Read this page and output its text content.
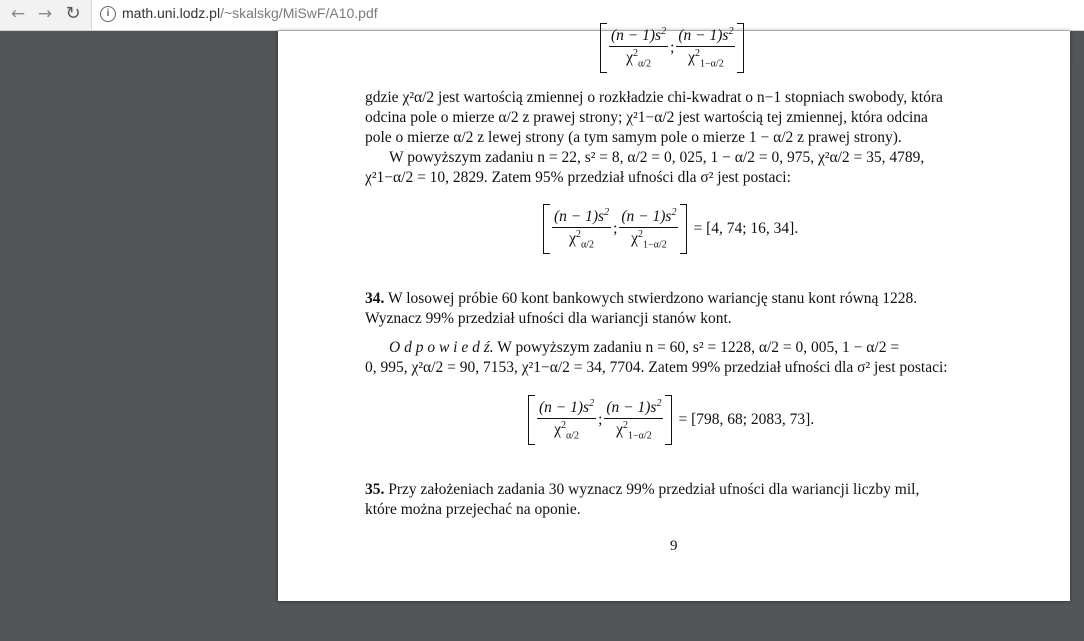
← → ↻	i math.uni.lodz.pl/~skalskg/MiSwF/A10.pdf
$\frac{(n - 1)s^2}{\chi^2_{\alpha/2}}$ ; $\frac{(n - 1)s^2}{\chi^2_{1-\alpha/2}}$
gdzie χ²α/2 jest wartością zmiennej o rozkładzie chi-kwadrat o n−1 stopniach swobody, która
odcina pole o mierze α/2 z prawej strony; χ²1−α/2 jest wartością tej zmiennej, która odcina
pole o mierze α/2 z lewej strony (a tym samym pole o mierze 1 − α/2 z prawej strony).
W powyższym zadaniu n = 22, s² = 8, α/2 = 0, 025, 1 − α/2 = 0, 975, χ²α/2 = 35, 4789,
χ²1−α/2 = 10, 2829. Zatem 95% przedział ufności dla σ² jest postaci:
$\frac{(n - 1)s^2}{\chi^2_{\alpha/2}}$ ; $\frac{(n - 1)s^2}{\chi^2_{1-\alpha/2}} = [4$, 74; 16, 34].
34. W losowej próbie 60 kont bankowych stwierdzono wariancję stanu kont równą 1228.
Wyznacz 99% przedział ufności dla wariancji stanów kont.
O d p o w i e d ź. W powyższym zadaniu n = 60, s² = 1228, α/2 = 0, 005, 1 − α/2 =
0, 995, χ²α/2 = 90, 7153, χ²1−α/2 = 34, 7704. Zatem 99% przedział ufności dla σ² jest postaci:
$\frac{(n - 1)s^2}{\chi^2_{\alpha/2}}$ ; $\frac{(n - 1)s^2}{\chi^2_{1-\alpha/2}} = [798$, 68; 2083, 73].
35. Przy założeniach zadania 30 wyznacz 99% przedział ufności dla wariancji liczby mil,
które można przejechać na oponie.
9
